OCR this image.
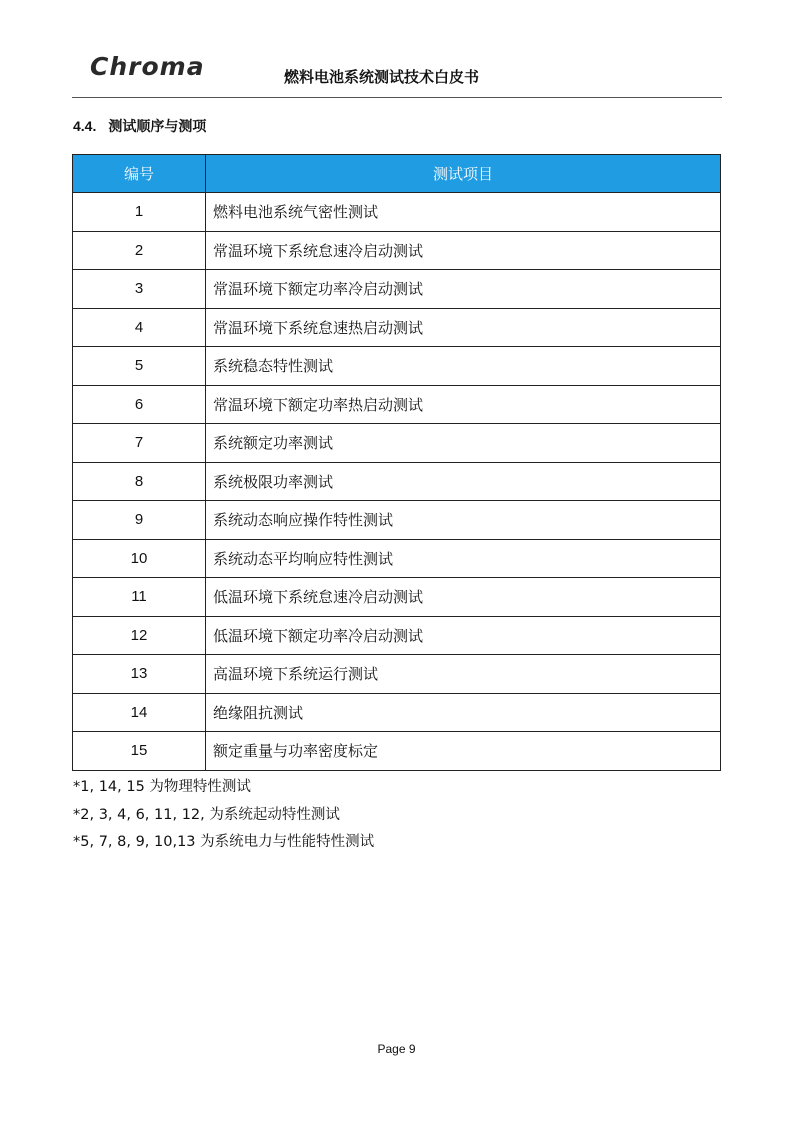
Chroma	燃料电池系统测试技术白皮书
4.4. 测试顺序与测项
编号	测试项目
1	燃料电池系统气密性测试
2	常温环境下系统怠速冷启动测试
3	常温环境下额定功率冷启动测试
4	常温环境下系统怠速热启动测试
5	系统稳态特性测试
6	常温环境下额定功率热启动测试
7	系统额定功率测试
8	系统极限功率测试
9	系统动态响应操作特性测试
10	系统动态平均响应特性测试
11	低温环境下系统怠速冷启动测试
12	低温环境下额定功率冷启动测试
13	高温环境下系统运行测试
14	绝缘阻抗测试
15	额定重量与功率密度标定
*1, 14, 15 为物理特性测试
*2, 3, 4, 6, 11, 12, 为系统起动特性测试
*5, 7, 8, 9, 10,13 为系统电力与性能特性测试
Page 9
